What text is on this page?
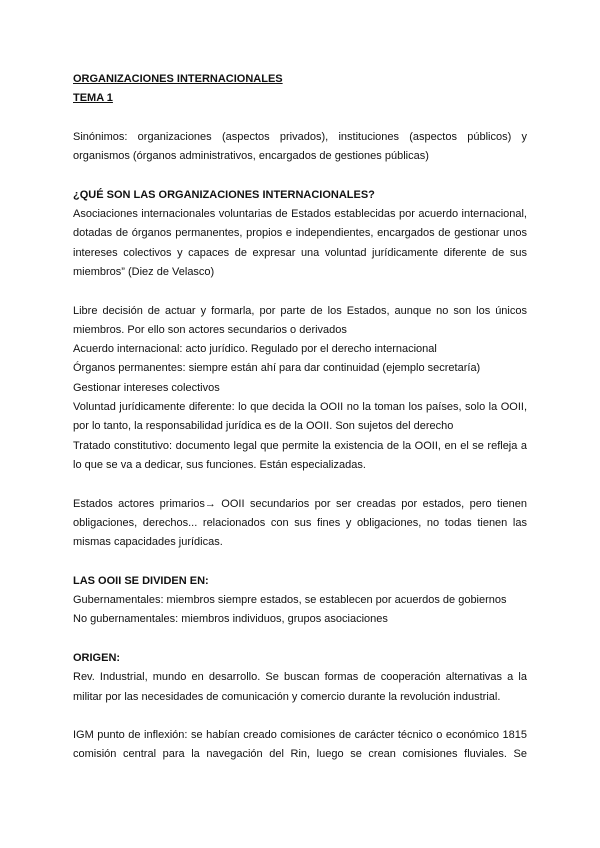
ORGANIZACIONES INTERNACIONALES
TEMA 1

Sinónimos: organizaciones (aspectos privados), instituciones (aspectos públicos) y organismos (órganos administrativos, encargados de gestiones públicas)

¿QUÉ SON LAS ORGANIZACIONES INTERNACIONALES?

Asociaciones internacionales voluntarias de Estados establecidas por acuerdo internacional, dotadas de órganos permanentes, propios e independientes, encargados de gestionar unos intereses colectivos y capaces de expresar una voluntad jurídicamente diferente de sus miembros” (Diez de Velasco)

Libre decisión de actuar y formarla, por parte de los Estados, aunque no son los únicos miembros. Por ello son actores secundarios o derivados

Acuerdo internacional: acto jurídico. Regulado por el derecho internacional

Órganos permanentes: siempre están ahí para dar continuidad (ejemplo secretaría)

Gestionar intereses colectivos

Voluntad jurídicamente diferente: lo que decida la OOII no la toman los países, solo la OOII, por lo tanto, la responsabilidad jurídica es de la OOII. Son sujetos del derecho

Tratado constitutivo: documento legal que permite la existencia de la OOII, en el se refleja a lo que se va a dedicar, sus funciones. Están especializadas.

Estados actores primarios→ OOII secundarios por ser creadas por estados, pero tienen obligaciones, derechos... relacionados con sus fines y obligaciones, no todas tienen las mismas capacidades jurídicas.

LAS OOII SE DIVIDEN EN:

Gubernamentales: miembros siempre estados, se establecen por acuerdos de gobiernos

No gubernamentales: miembros individuos, grupos asociaciones

ORIGEN:

Rev. Industrial, mundo en desarrollo. Se buscan formas de cooperación alternativas a la militar por las necesidades de comunicación y comercio durante la revolución industrial.

IGM punto de inflexión: se habían creado comisiones de carácter técnico o económico 1815 comisión central para la navegación del Rin, luego se crean comisiones fluviales. Se
